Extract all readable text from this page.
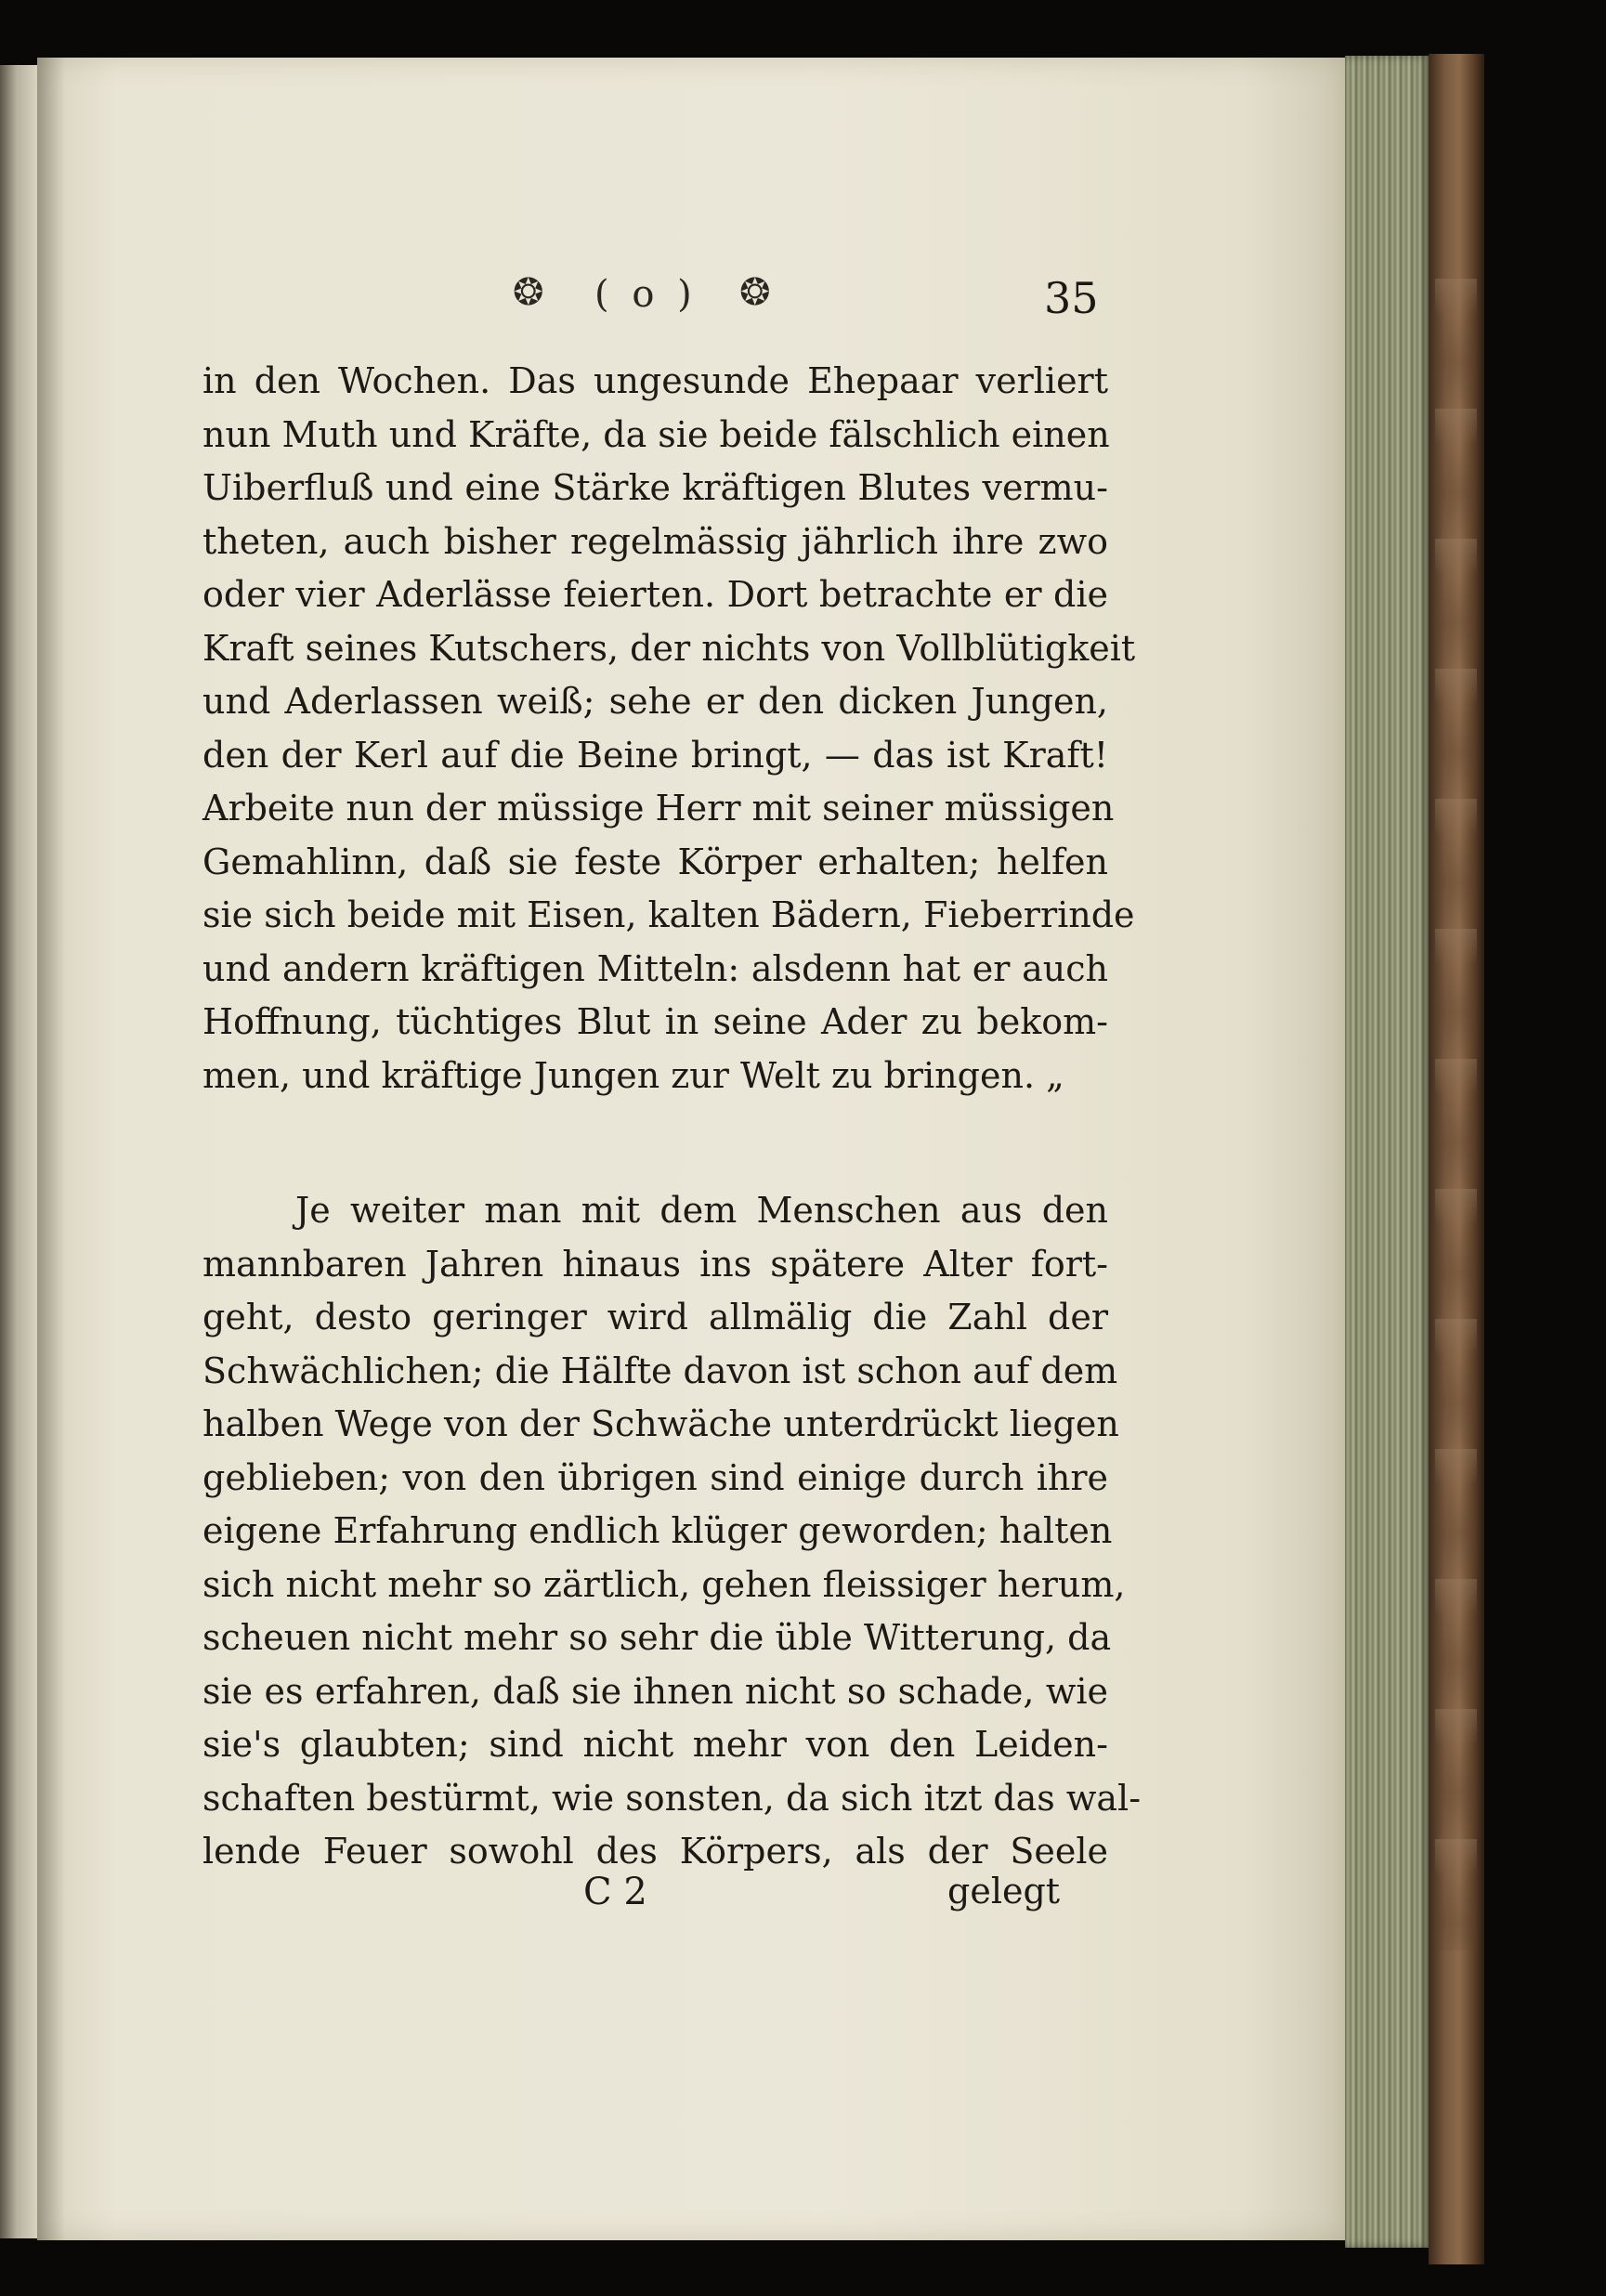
❂ ( o ) ❂	35
in den Wochen. Das ungesunde Ehepaar verliert
nun Muth und Kräfte, da sie beide fälschlich einen
Uiberfluß und eine Stärke kräftigen Blutes vermu-
theten, auch bisher regelmässig jährlich ihre zwo
oder vier Aderlässe feierten. Dort betrachte er die
Kraft seines Kutschers, der nichts von Vollblütigkeit
und Aderlassen weiß; sehe er den dicken Jungen,
den der Kerl auf die Beine bringt, — das ist Kraft!
Arbeite nun der müssige Herr mit seiner müssigen
Gemahlinn, daß sie feste Körper erhalten; helfen
sie sich beide mit Eisen, kalten Bädern, Fieberrinde
und andern kräftigen Mitteln: alsdenn hat er auch
Hoffnung, tüchtiges Blut in seine Ader zu bekom-
men, und kräftige Jungen zur Welt zu bringen. „
Je weiter man mit dem Menschen aus den
mannbaren Jahren hinaus ins spätere Alter fort-
geht, desto geringer wird allmälig die Zahl der
Schwächlichen; die Hälfte davon ist schon auf dem
halben Wege von der Schwäche unterdrückt liegen
geblieben; von den übrigen sind einige durch ihre
eigene Erfahrung endlich klüger geworden; halten
sich nicht mehr so zärtlich, gehen fleissiger herum,
scheuen nicht mehr so sehr die üble Witterung, da
sie es erfahren, daß sie ihnen nicht so schade, wie
sie's glaubten; sind nicht mehr von den Leiden-
schaften bestürmt, wie sonsten, da sich itzt das wal-
lende Feuer sowohl des Körpers, als der Seele
C 2	gelegt
